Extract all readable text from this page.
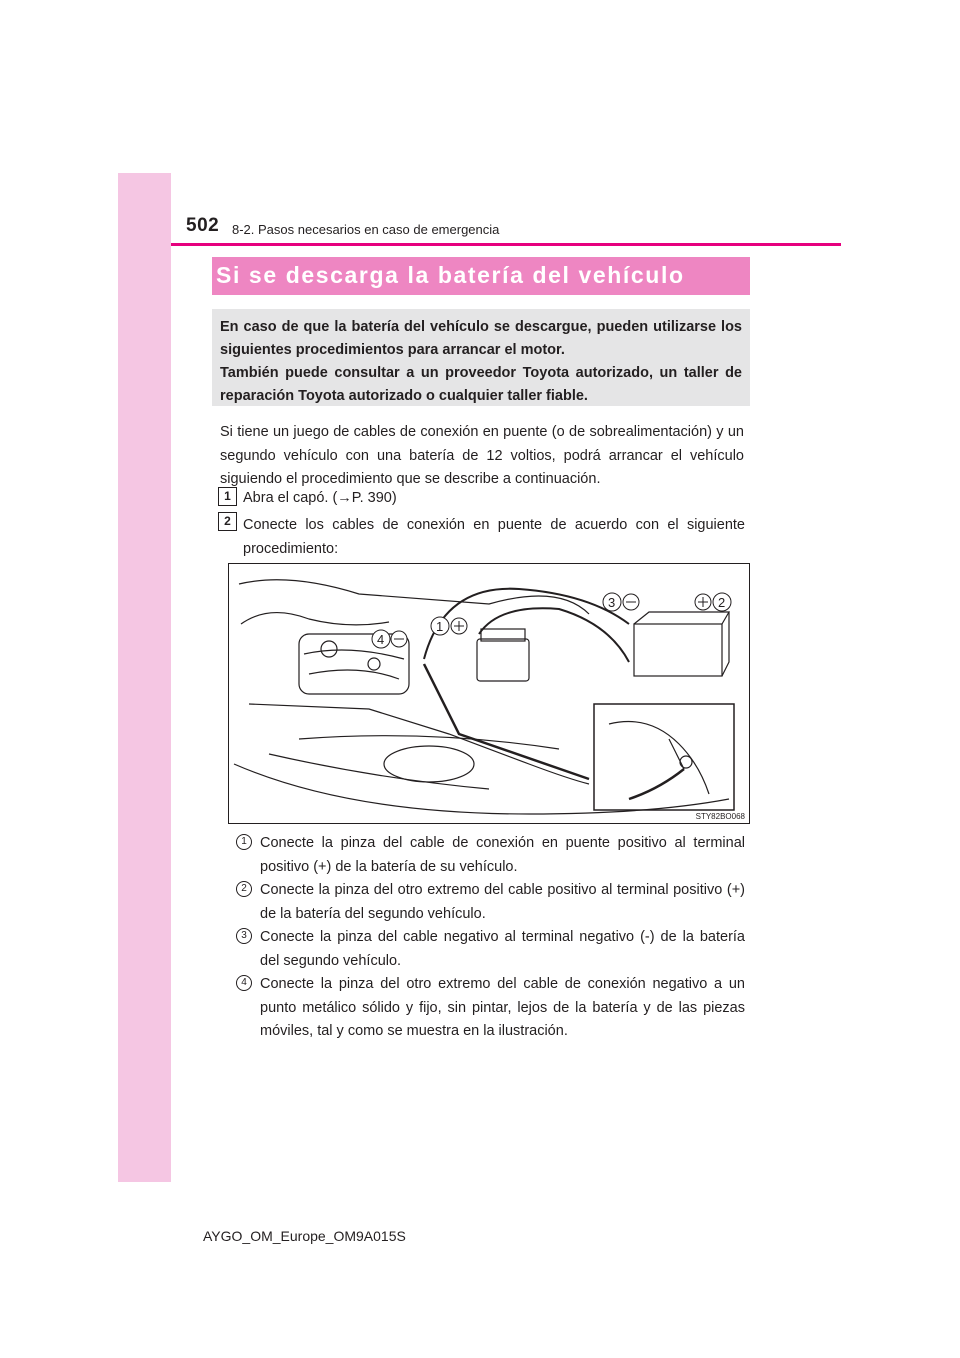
502 8-2. Pasos necesarios en caso de emergencia
Si se descarga la batería del vehículo

En caso de que la batería del vehículo se descargue, pueden utilizarse los siguientes procedimientos para arrancar el motor.

También puede consultar a un proveedor Toyota autorizado, un taller de reparación Toyota autorizado o cualquier taller fiable.

Si tiene un juego de cables de conexión en puente (o de sobrealimentación) y un segundo vehículo con una batería de 12 voltios, podrá arrancar el vehículo siguiendo el procedimiento que se describe a continuación.
1 Abra el capó. (→P. 390)
2 Conecte los cables de conexión en puente de acuerdo con el siguiente procedimiento:
3	2
4
1
STY82BO068
1 Conecte la pinza del cable de conexión en puente positivo al terminal positivo (+) de la batería de su vehículo.
2 Conecte la pinza del otro extremo del cable positivo al terminal positivo (+) de la batería del segundo vehículo.
3 Conecte la pinza del cable negativo al terminal negativo (-) de la batería del segundo vehículo.
4 Conecte la pinza del otro extremo del cable de conexión negativo a un punto metálico sólido y fijo, sin pintar, lejos de la batería y de las piezas móviles, tal y como se muestra en la ilustración.
AYGO_OM_Europe_OM9A015S
